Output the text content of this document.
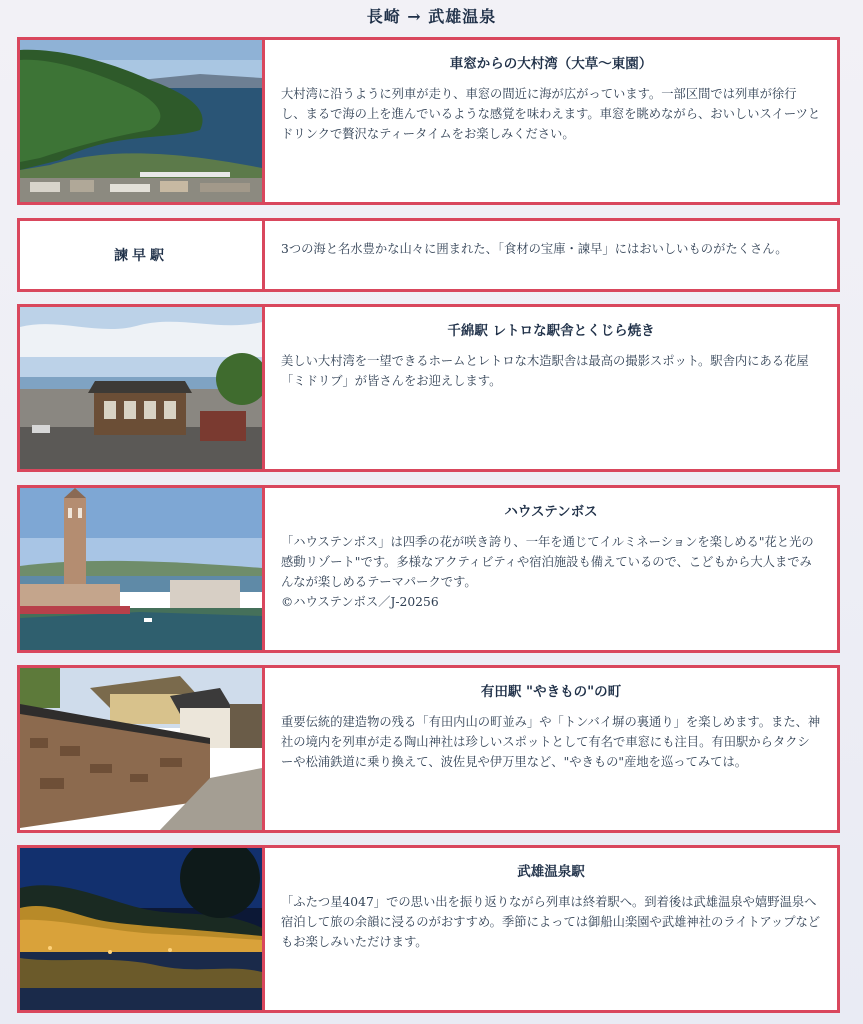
長崎 → 武雄温泉
車窓からの大村湾（大草〜東園）

大村湾に沿うように列車が走り、車窓の間近に海が広がっています。一部区間では列車が徐行し、まるで海の上を進んでいるような感覚を味わえます。車窓を眺めながら、おいしいスイーツとドリンクで贅沢なティータイムをお楽しみください。

諫早駅	3つの海と名水豊かな山々に囲まれた、「食材の宝庫・諫早」にはおいしいものがたくさん。

千綿駅 レトロな駅舎とくじら焼き

美しい大村湾を一望できるホームとレトロな木造駅舎は最高の撮影スポット。駅舎内にある花屋「ミドリブ」が皆さんをお迎えします。

ハウステンボス

「ハウステンボス」は四季の花が咲き誇り、一年を通じてイルミネーションを楽しめる"花と光の感動リゾート"です。多様なアクティビティや宿泊施設も備えているので、こどもから大人までみんなが楽しめるテーマパークです。
©ハウステンボス／J-20256

有田駅 "やきもの"の町

重要伝統的建造物の残る「有田内山の町並み」や「トンバイ塀の裏通り」を楽しめます。また、神社の境内を列車が走る陶山神社は珍しいスポットとして有名で車窓にも注目。有田駅からタクシーや松浦鉄道に乗り換えて、波佐見や伊万里など、"やきもの"産地を巡ってみては。

武雄温泉駅

「ふたつ星4047」での思い出を振り返りながら列車は終着駅へ。到着後は武雄温泉や嬉野温泉へ宿泊して旅の余韻に浸るのがおすすめ。季節によっては御船山楽園や武雄神社のライトアップなどもお楽しみいただけます。
